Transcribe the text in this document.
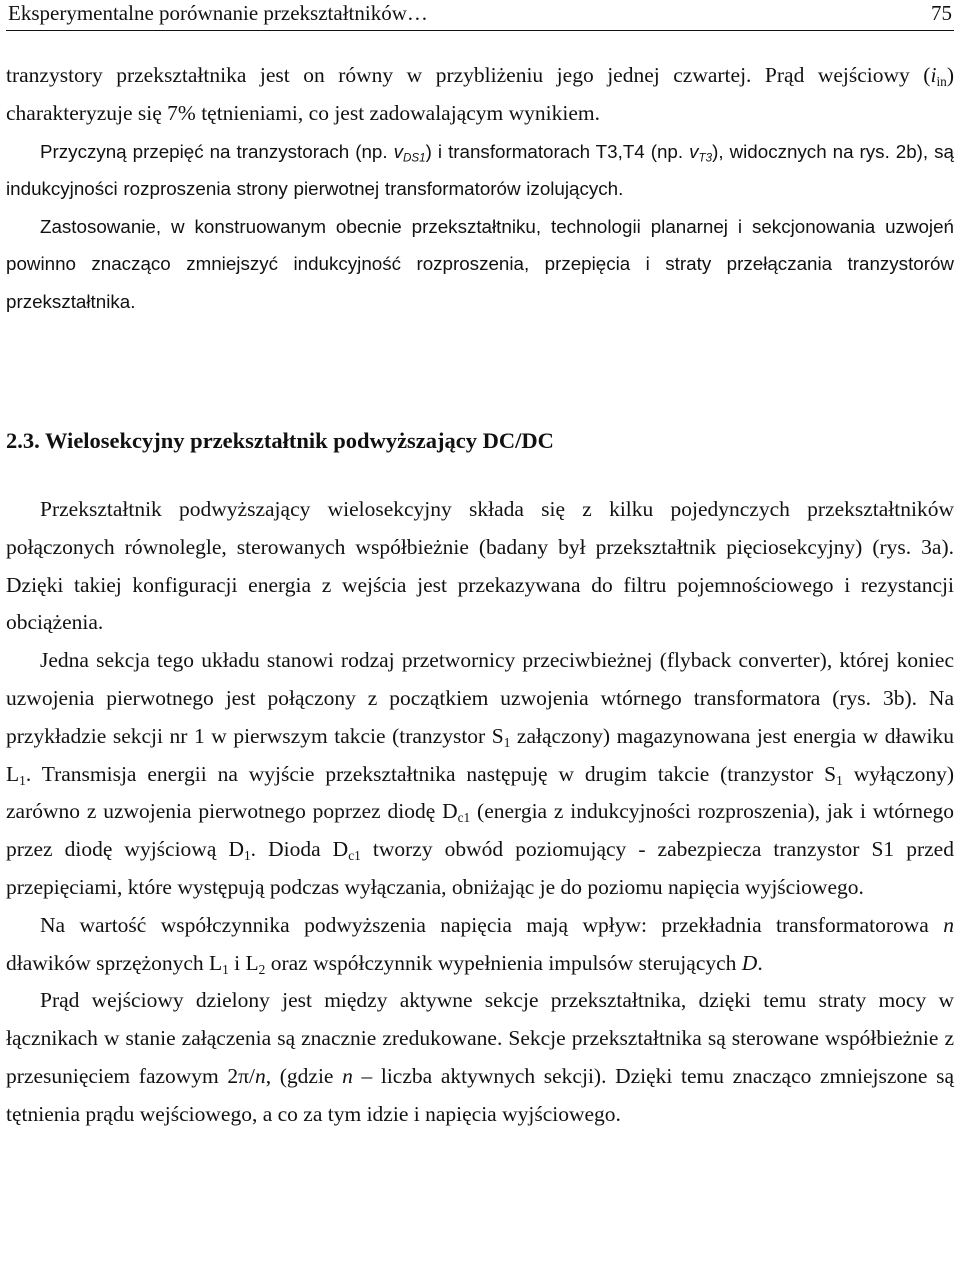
Eksperymentalne porównanie przekształtników…	75

tranzystory przekształtnika jest on równy w przybliżeniu jego jednej czwartej. Prąd wejściowy $(i_{in})$ charakteryzuje się 7% tętnieniami, co jest zadowalającym wynikiem.

Przyczyną przepięć na tranzystorach (np. $v_{DS1}$) i transformatorach T3,T4 (np. $v_{T3}$), widocznych na rys. 2b), są indukcyjności rozproszenia strony pierwotnej transformatorów izolujących.

Zastosowanie, w konstruowanym obecnie przekształtniku, technologii planarnej i sekcjonowania uzwojeń powinno znacząco zmniejszyć indukcyjność rozproszenia, przepięcia i straty przełączania tranzystorów przekształtnika.

2.3. Wielosekcyjny przekształtnik podwyższający DC/DC

Przekształtnik podwyższający wielosekcyjny składa się z kilku pojedynczych przekształtników połączonych równolegle, sterowanych współbieżnie (badany był przekształtnik pięciosekcyjny) (rys. 3a). Dzięki takiej konfiguracji energia z wejścia jest przekazywana do filtru pojemnościowego i rezystancji obciążenia.

Jedna sekcja tego układu stanowi rodzaj przetwornicy przeciwbieżnej (flyback converter), której koniec uzwojenia pierwotnego jest połączony z początkiem uzwojenia wtórnego transformatora (rys. 3b). Na przykładzie sekcji nr 1 w pierwszym takcie (tranzystor $S_1$ załączony) magazynowana jest energia w dławiku $L_1$. Transmisja energii na wyjście przekształtnika następuję w drugim takcie (tranzystor $S_1$ wyłączony) zarówno z uzwojenia pierwotnego poprzez diodę $D_{c1}$ (energia z indukcyjności rozproszenia), jak i wtórnego przez diodę wyjściową $D_1$. Dioda $D_{c1}$ tworzy obwód poziomujący - zabezpiecza tranzystor S1 przed przepięciami, które występują podczas wyłączania, obniżając je do poziomu napięcia wyjściowego.

Na wartość współczynnika podwyższenia napięcia mają wpływ: przekładnia transformatorowa n dławików sprzężonych $L_1$ i $L_2$ oraz współczynnik wypełnienia impulsów sterujących D.

Prąd wejściowy dzielony jest między aktywne sekcje przekształtnika, dzięki temu straty mocy w łącznikach w stanie załączenia są znacznie zredukowane. Sekcje przekształtnika są sterowane współbieżnie z przesunięciem fazowym 2π/n, (gdzie n – liczba aktywnych sekcji). Dzięki temu znacząco zmniejszone są tętnienia prądu wejściowego, a co za tym idzie i napięcia wyjściowego.
